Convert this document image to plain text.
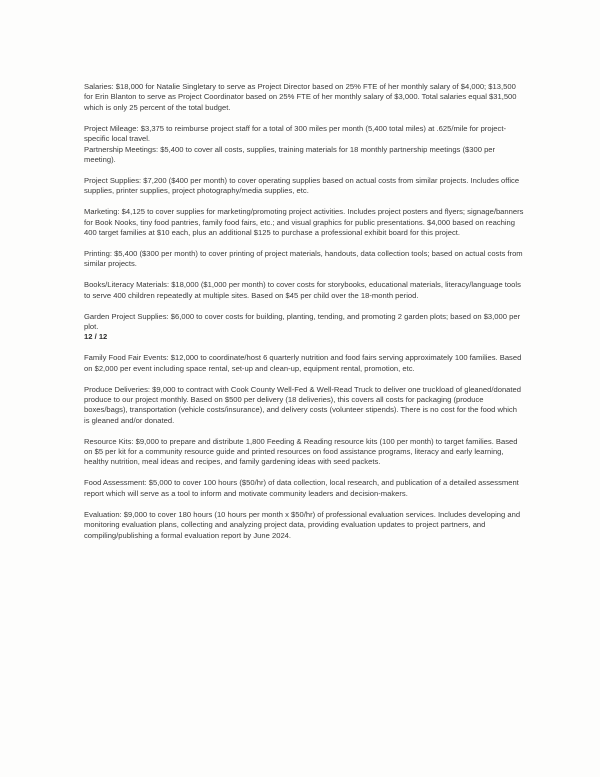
Salaries: $18,000 for Natalie Singletary to serve as Project Director based on 25% FTE of her monthly salary of $4,000; $13,500 for Erin Blanton to serve as Project Coordinator based on 25% FTE of her monthly salary of $3,000. Total salaries equal $31,500 which is only 25 percent of the total budget.

Project Mileage: $3,375 to reimburse project staff for a total of 300 miles per month (5,400 total miles) at .625/mile for project-specific local travel.

Partnership Meetings: $5,400 to cover all costs, supplies, training materials for 18 monthly partnership meetings ($300 per meeting).

Project Supplies: $7,200 ($400 per month) to cover operating supplies based on actual costs from similar projects. Includes office supplies, printer supplies, project photography/media supplies, etc.

Marketing: $4,125 to cover supplies for marketing/promoting project activities. Includes project posters and flyers; signage/banners for Book Nooks, tiny food pantries, family food fairs, etc.; and visual graphics for public presentations. $4,000 based on reaching 400 target families at $10 each, plus an additional $125 to purchase a professional exhibit board for this project.

Printing: $5,400 ($300 per month) to cover printing of project materials, handouts, data collection tools; based on actual costs from similar projects.

Books/Literacy Materials: $18,000 ($1,000 per month) to cover costs for storybooks, educational materials, literacy/language tools to serve 400 children repeatedly at multiple sites. Based on $45 per child over the 18-month period.

Garden Project Supplies: $6,000 to cover costs for building, planting, tending, and promoting 2 garden plots; based on $3,000 per plot.

12 / 12

Family Food Fair Events: $12,000 to coordinate/host 6 quarterly nutrition and food fairs serving approximately 100 families. Based on $2,000 per event including space rental, set-up and clean-up, equipment rental, promotion, etc.

Produce Deliveries: $9,000 to contract with Cook County Well-Fed & Well-Read Truck to deliver one truckload of gleaned/donated produce to our project monthly. Based on $500 per delivery (18 deliveries), this covers all costs for packaging (produce boxes/bags), transportation (vehicle costs/insurance), and delivery costs (volunteer stipends). There is no cost for the food which is gleaned and/or donated.

Resource Kits: $9,000 to prepare and distribute 1,800 Feeding & Reading resource kits (100 per month) to target families. Based on $5 per kit for a community resource guide and printed resources on food assistance programs, literacy and early learning, healthy nutrition, meal ideas and recipes, and family gardening ideas with seed packets.

Food Assessment: $5,000 to cover 100 hours ($50/hr) of data collection, local research, and publication of a detailed assessment report which will serve as a tool to inform and motivate community leaders and decision-makers.

Evaluation: $9,000 to cover 180 hours (10 hours per month x $50/hr) of professional evaluation services. Includes developing and monitoring evaluation plans, collecting and analyzing project data, providing evaluation updates to project partners, and compiling/publishing a formal evaluation report by June 2024.
